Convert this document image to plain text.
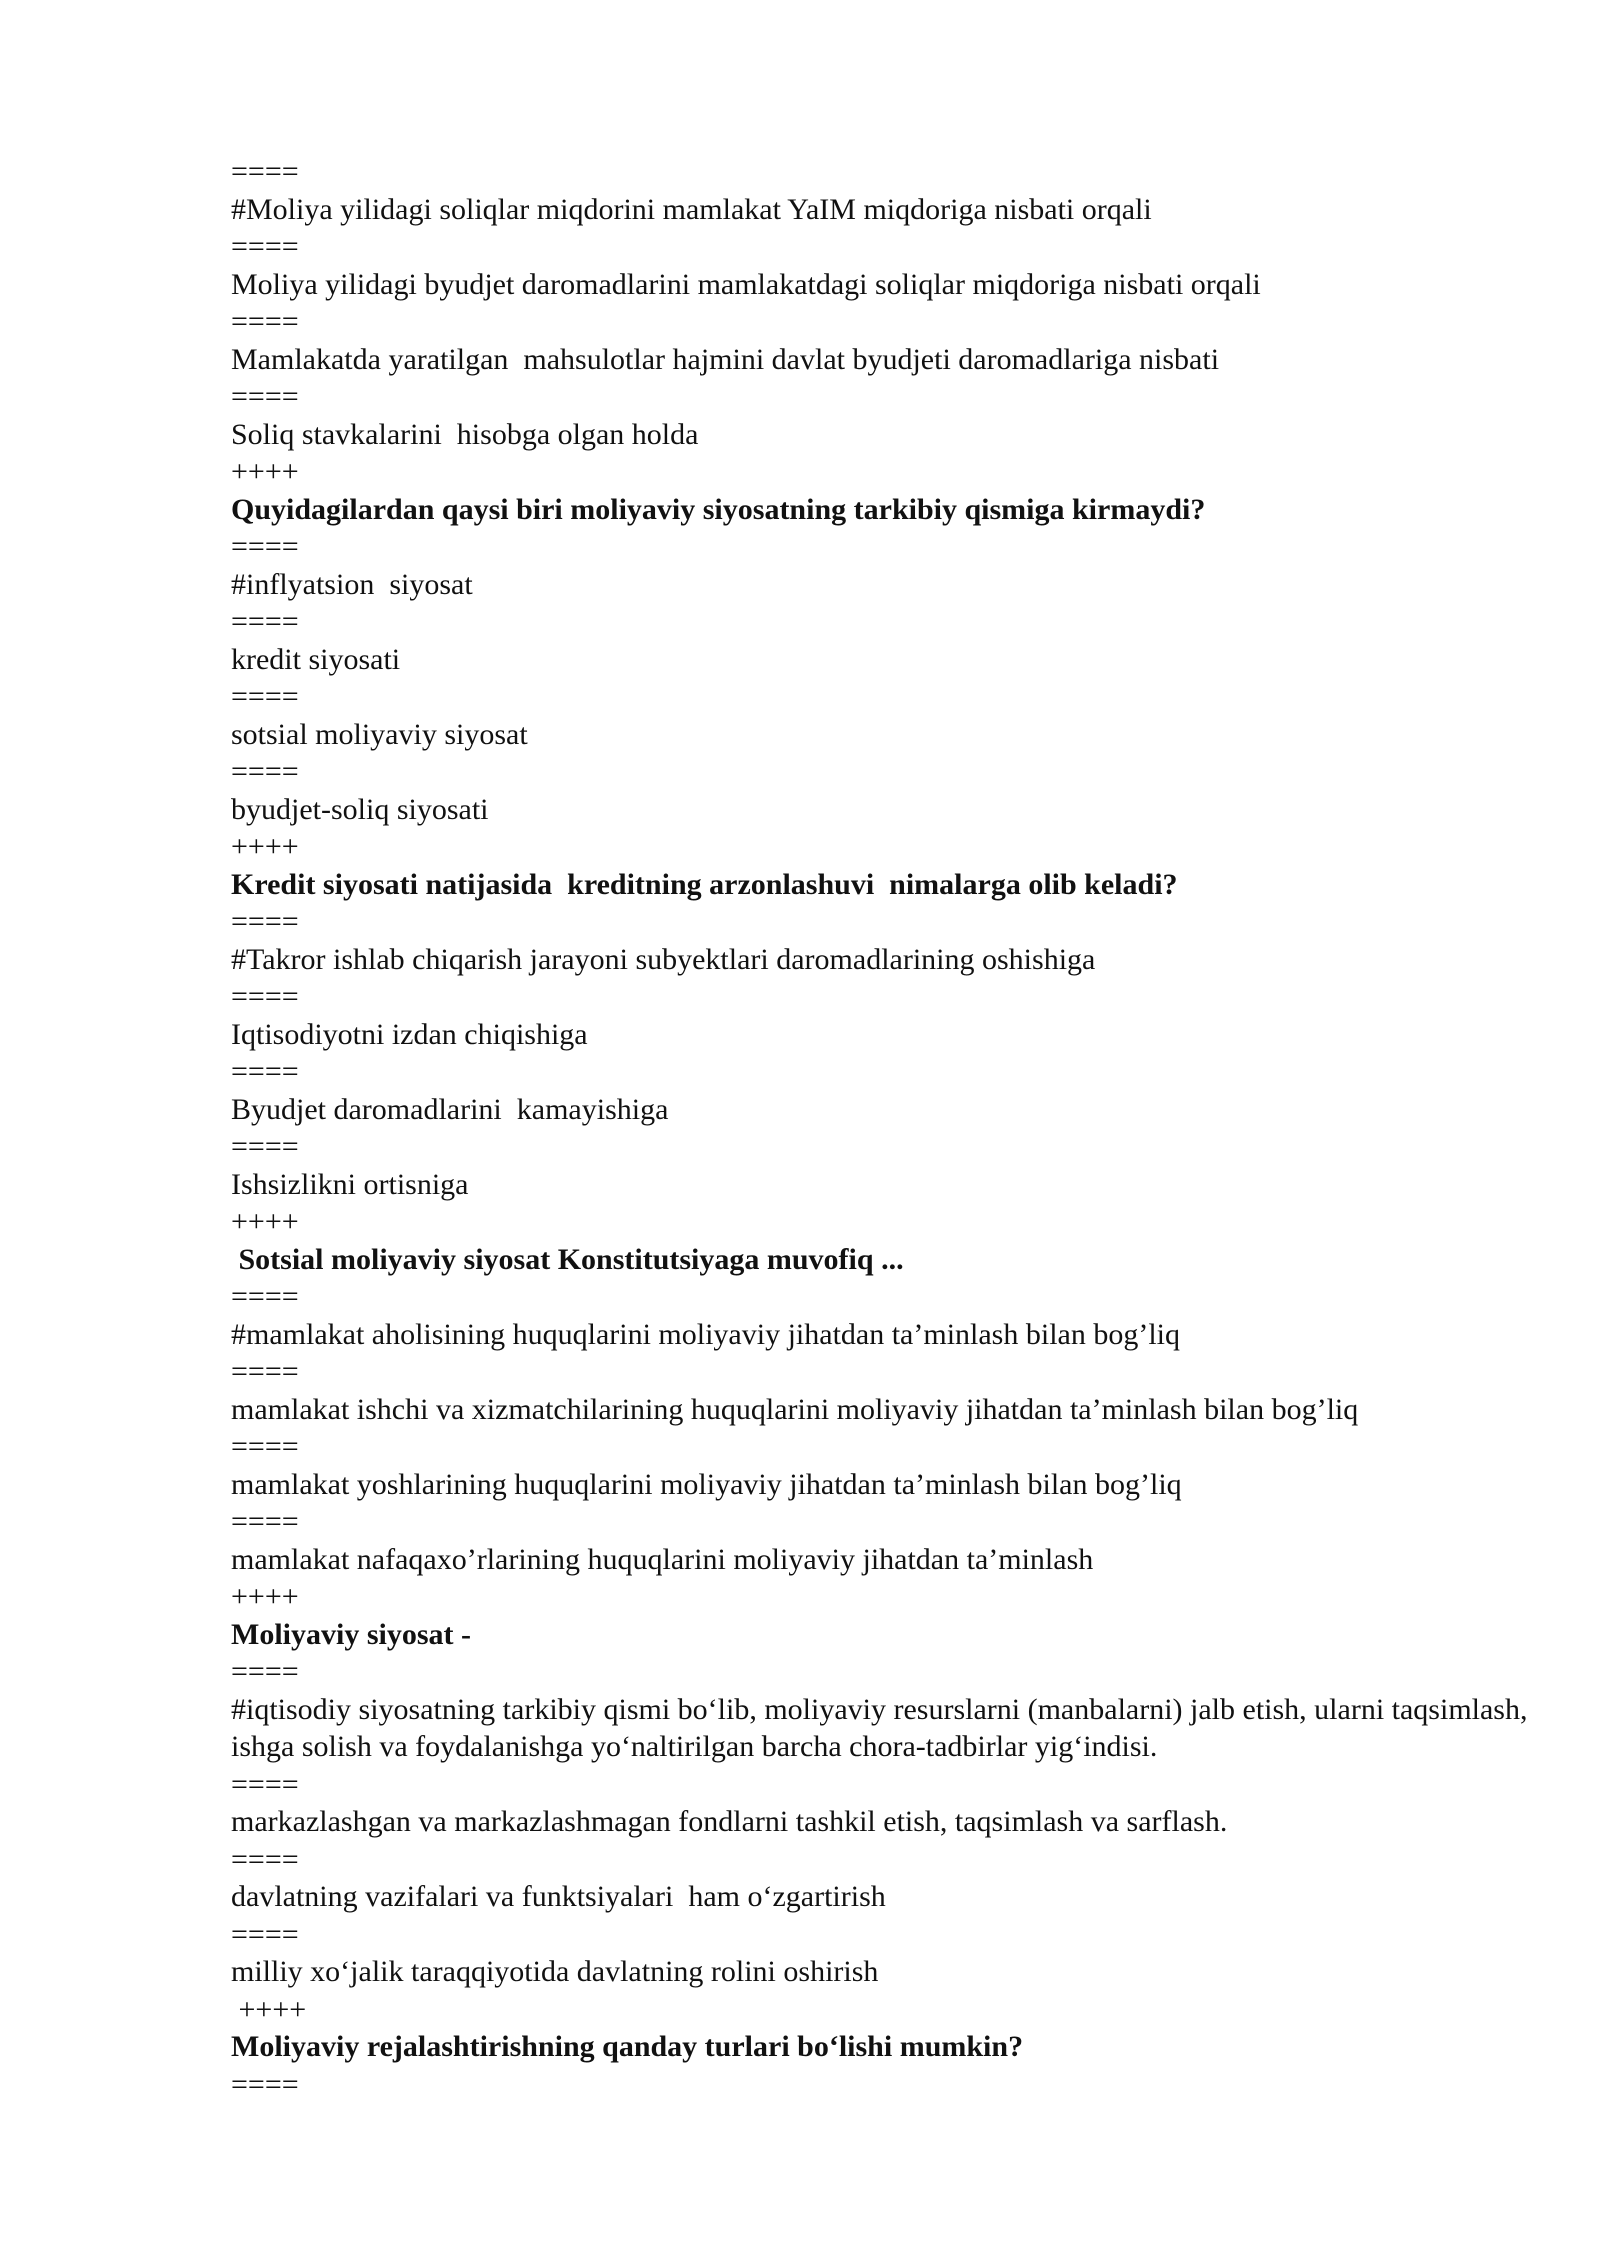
====
#Moliya yilidagi soliqlar miqdorini mamlakat YaIM miqdoriga nisbati orqali
====
Moliya yilidagi byudjet daromadlarini mamlakatdagi soliqlar miqdoriga nisbati orqali
====
Mamlakatda yaratilgan  mahsulotlar hajmini davlat byudjeti daromadlariga nisbati
====
Soliq stavkalarini  hisobga olgan holda
++++
Quyidagilardan qaysi biri moliyaviy siyosatning tarkibiy qismiga kirmaydi?
====
#inflyatsion  siyosat
====
kredit siyosati
====
sotsial moliyaviy siyosat
====
byudjet-soliq siyosati
++++
Kredit siyosati natijasida  kreditning arzonlashuvi  nimalarga olib keladi?
====
#Takror ishlab chiqarish jarayoni subyektlari daromadlarining oshishiga
====
Iqtisodiyotni izdan chiqishiga
====
Byudjet daromadlarini  kamayishiga
====
Ishsizlikni ortisniga
++++
Sotsial moliyaviy siyosat Konstitutsiyaga muvofiq ...
====
#mamlakat aholisining huquqlarini moliyaviy jihatdan ta’minlash bilan bog’liq
====
mamlakat ishchi va xizmatchilarining huquqlarini moliyaviy jihatdan ta’minlash bilan bog’liq
====
mamlakat yoshlarining huquqlarini moliyaviy jihatdan ta’minlash bilan bog’liq
====
mamlakat nafaqaxo’rlarining huquqlarini moliyaviy jihatdan ta’minlash
++++
Moliyaviy siyosat -
====
#iqtisodiy siyosatning tarkibiy qismi bo‘lib, moliyaviy resurslarni (manbalarni) jalb etish, ularni taqsimlash, ishga solish va foydalanishga yo‘naltirilgan barcha chora-tadbirlar yig‘indisi.
====
markazlashgan va markazlashmagan fondlarni tashkil etish, taqsimlash va sarflash.
====
davlatning vazifalari va funktsiyalari  ham o‘zgartirish
====
milliy xo‘jalik taraqqiyotida davlatning rolini oshirish
++++
Moliyaviy rejalashtirishning qanday turlari bo‘lishi mumkin?
====
